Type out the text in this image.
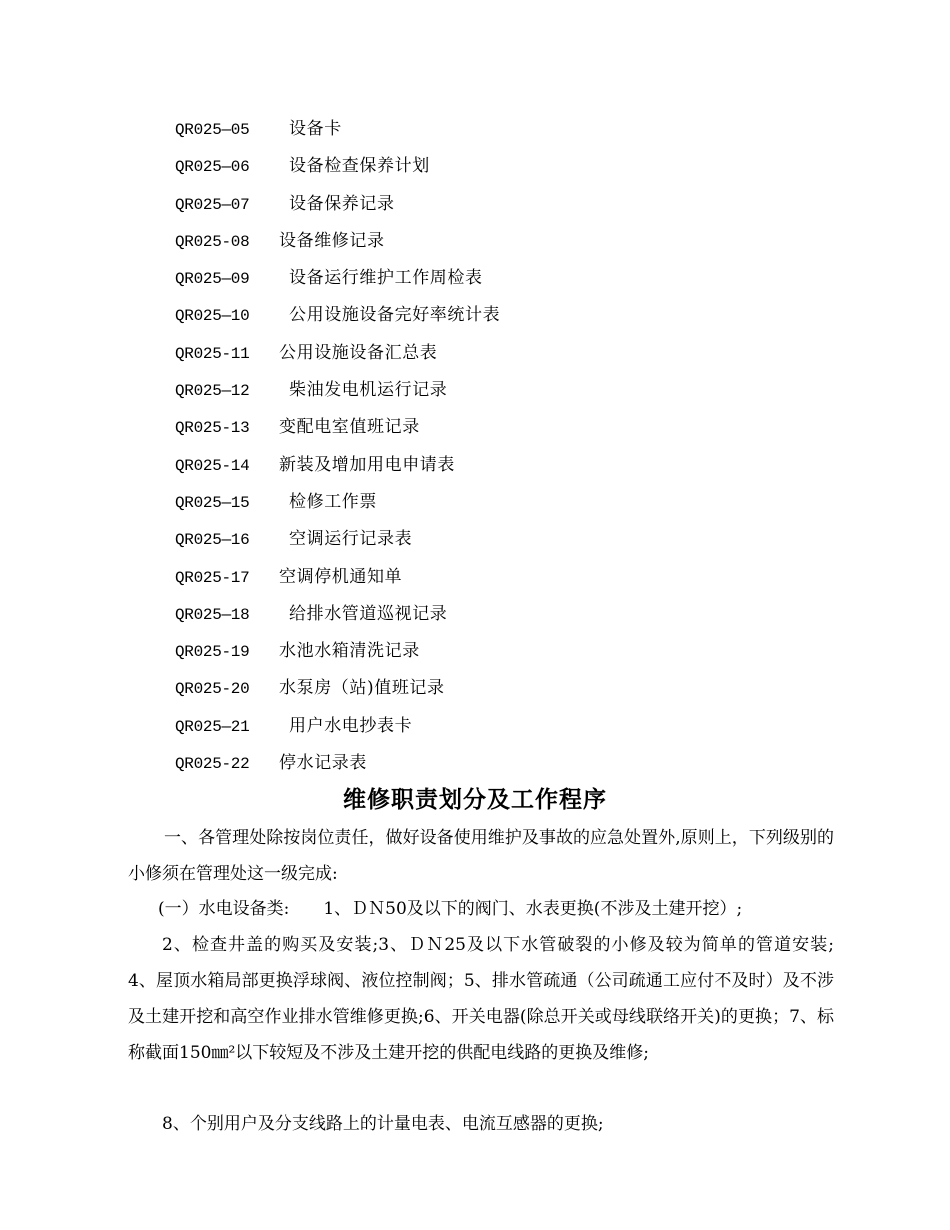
QR025—05 设备卡
QR025—06 设备检查保养计划
QR025—07 设备保养记录
QR025-08 设备维修记录
QR025—09 设备运行维护工作周检表
QR025—10 公用设施设备完好率统计表
QR025-11 公用设施设备汇总表
QR025—12 柴油发电机运行记录
QR025-13 变配电室值班记录
QR025-14 新装及增加用电申请表
QR025—15 检修工作票
QR025—16 空调运行记录表
QR025-17 空调停机通知单
QR025—18 给排水管道巡视记录
QR025-19 水池水箱清洗记录
QR025-20 水泵房（站)值班记录
QR025—21 用户水电抄表卡
QR025-22 停水记录表
维修职责划分及工作程序
一、各管理处除按岗位责任，做好设备使用维护及事故的应急处置外,原则上，下列级别的小修须在管理处这一级完成:
(一）水电设备类:　　1、ＤＮ50及以下的阀门、水表更换(不涉及土建开挖）;
2、检查井盖的购买及安装;3、ＤＮ25及以下水管破裂的小修及较为简单的管道安装;　　4、屋顶水箱局部更换浮球阀、液位控制阀；5、排水管疏通（公司疏通工应付不及时）及不涉及土建开挖和高空作业排水管维修更换;6、开关电器(除总开关或母线联络开关)的更换；7、标称截面150㎜²以下较短及不涉及土建开挖的供配电线路的更换及维修;
8、个别用户及分支线路上的计量电表、电流互感器的更换;
